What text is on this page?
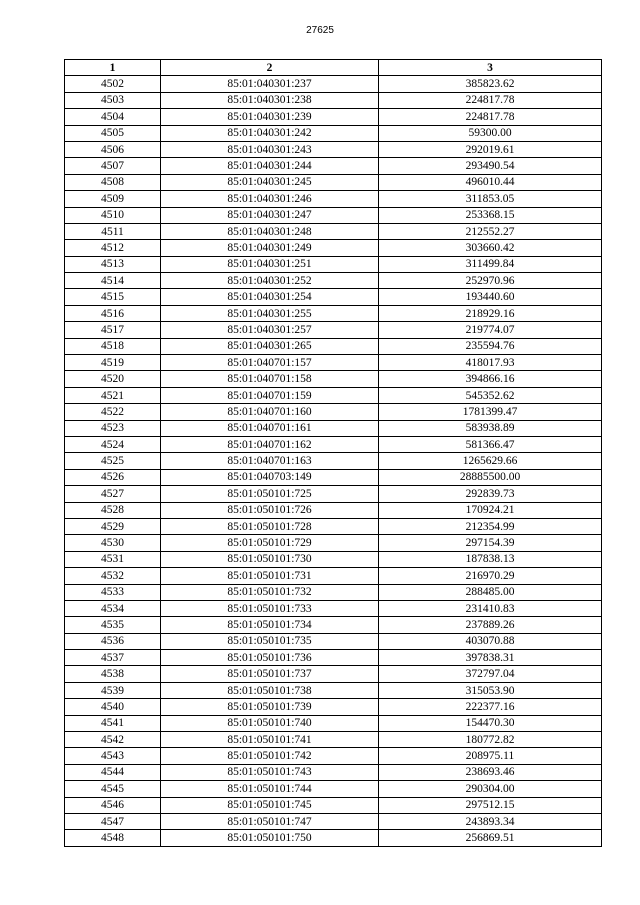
27625
1	2	3
4502	85:01:040301:237	385823.62
4503	85:01:040301:238	224817.78
4504	85:01:040301:239	224817.78
4505	85:01:040301:242	59300.00
4506	85:01:040301:243	292019.61
4507	85:01:040301:244	293490.54
4508	85:01:040301:245	496010.44
4509	85:01:040301:246	311853.05
4510	85:01:040301:247	253368.15
4511	85:01:040301:248	212552.27
4512	85:01:040301:249	303660.42
4513	85:01:040301:251	311499.84
4514	85:01:040301:252	252970.96
4515	85:01:040301:254	193440.60
4516	85:01:040301:255	218929.16
4517	85:01:040301:257	219774.07
4518	85:01:040301:265	235594.76
4519	85:01:040701:157	418017.93
4520	85:01:040701:158	394866.16
4521	85:01:040701:159	545352.62
4522	85:01:040701:160	1781399.47
4523	85:01:040701:161	583938.89
4524	85:01:040701:162	581366.47
4525	85:01:040701:163	1265629.66
4526	85:01:040703:149	28885500.00
4527	85:01:050101:725	292839.73
4528	85:01:050101:726	170924.21
4529	85:01:050101:728	212354.99
4530	85:01:050101:729	297154.39
4531	85:01:050101:730	187838.13
4532	85:01:050101:731	216970.29
4533	85:01:050101:732	288485.00
4534	85:01:050101:733	231410.83
4535	85:01:050101:734	237889.26
4536	85:01:050101:735	403070.88
4537	85:01:050101:736	397838.31
4538	85:01:050101:737	372797.04
4539	85:01:050101:738	315053.90
4540	85:01:050101:739	222377.16
4541	85:01:050101:740	154470.30
4542	85:01:050101:741	180772.82
4543	85:01:050101:742	208975.11
4544	85:01:050101:743	238693.46
4545	85:01:050101:744	290304.00
4546	85:01:050101:745	297512.15
4547	85:01:050101:747	243893.34
4548	85:01:050101:750	256869.51
